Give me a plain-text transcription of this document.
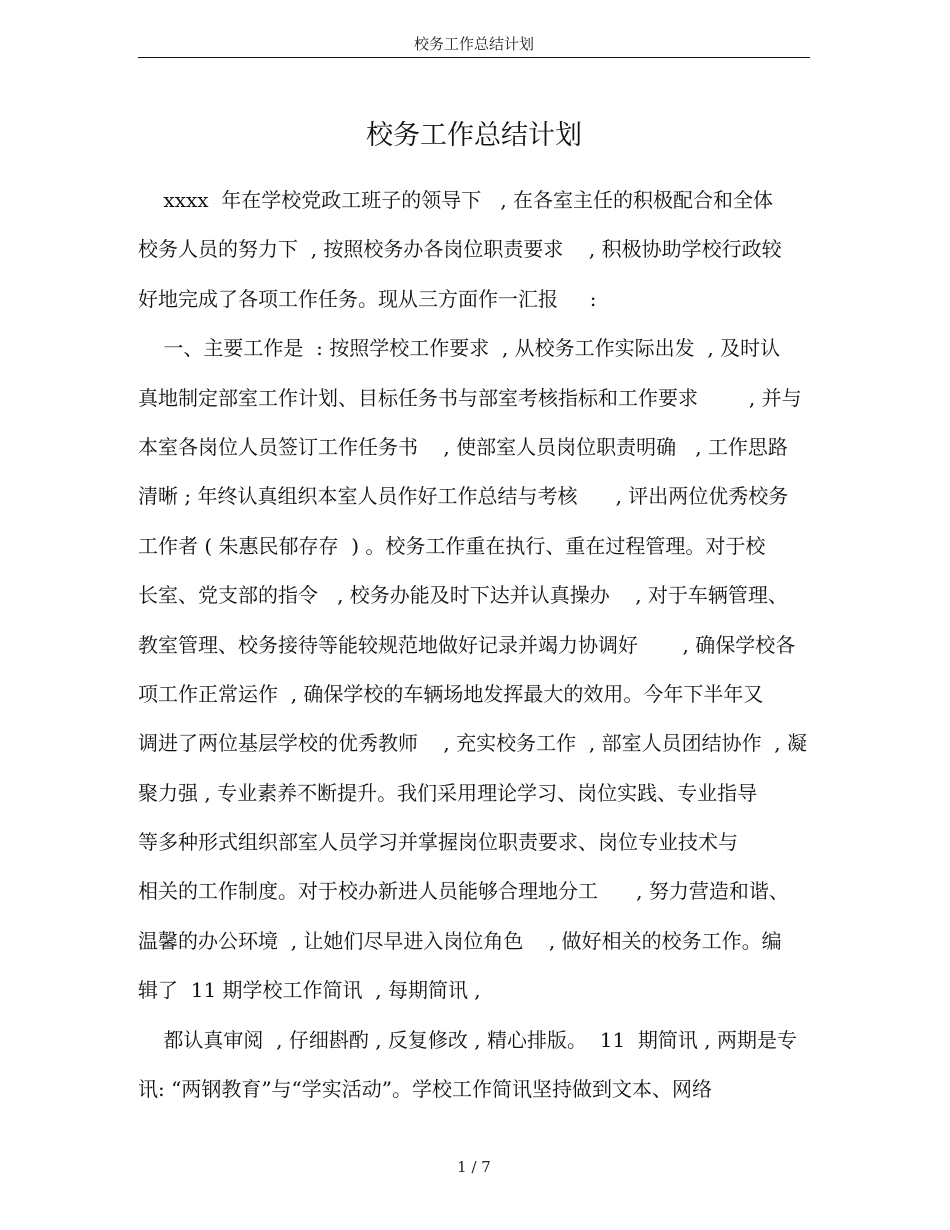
校务工作总结计划
校务工作总结计划
xxxx  年在学校党政工班子的领导下   , 在各室主任的积极配合和全体
校务人员的努力下  , 按照校务办各岗位职责要求    , 积极协助学校行政较
好地完成了各项工作任务。现从三方面作一汇报     :
一、主要工作是  : 按照学校工作要求  , 从校务工作实际出发  , 及时认
真地制定部室工作计划、目标任务书与部室考核指标和工作要求        , 并与
本室各岗位人员签订工作任务书    , 使部室人员岗位职责明确   , 工作思路
清晰 ; 年终认真组织本室人员作好工作总结与考核      , 评出两位优秀校务
工作者 ( 朱惠民郁存存  ) 。校务工作重在执行、重在过程管理。对于校
长室、党支部的指令   , 校务办能及时下达并认真操办    , 对于车辆管理、
教室管理、校务接待等能较规范地做好记录并竭力协调好       , 确保学校各
项工作正常运作  , 确保学校的车辆场地发挥最大的效用。今年下半年又
调进了两位基层学校的优秀教师    , 充实校务工作  , 部室人员团结协作  , 凝
聚力强 , 专业素养不断提升。我们采用理论学习、岗位实践、专业指导
等多种形式组织部室人员学习并掌握岗位职责要求、岗位专业技术与
相关的工作制度。对于校办新进人员能够合理地分工      , 努力营造和谐、
温馨的办公环境  , 让她们尽早进入岗位角色    , 做好相关的校务工作。编
辑了  11 期学校工作简讯  , 每期简讯 ,
都认真审阅  , 仔细斟酌 , 反复修改 , 精心排版。  11  期简讯 , 两期是专
讯: “两钢教育”与“学实活动”。学校工作简讯坚持做到文本、网络
1 / 7
